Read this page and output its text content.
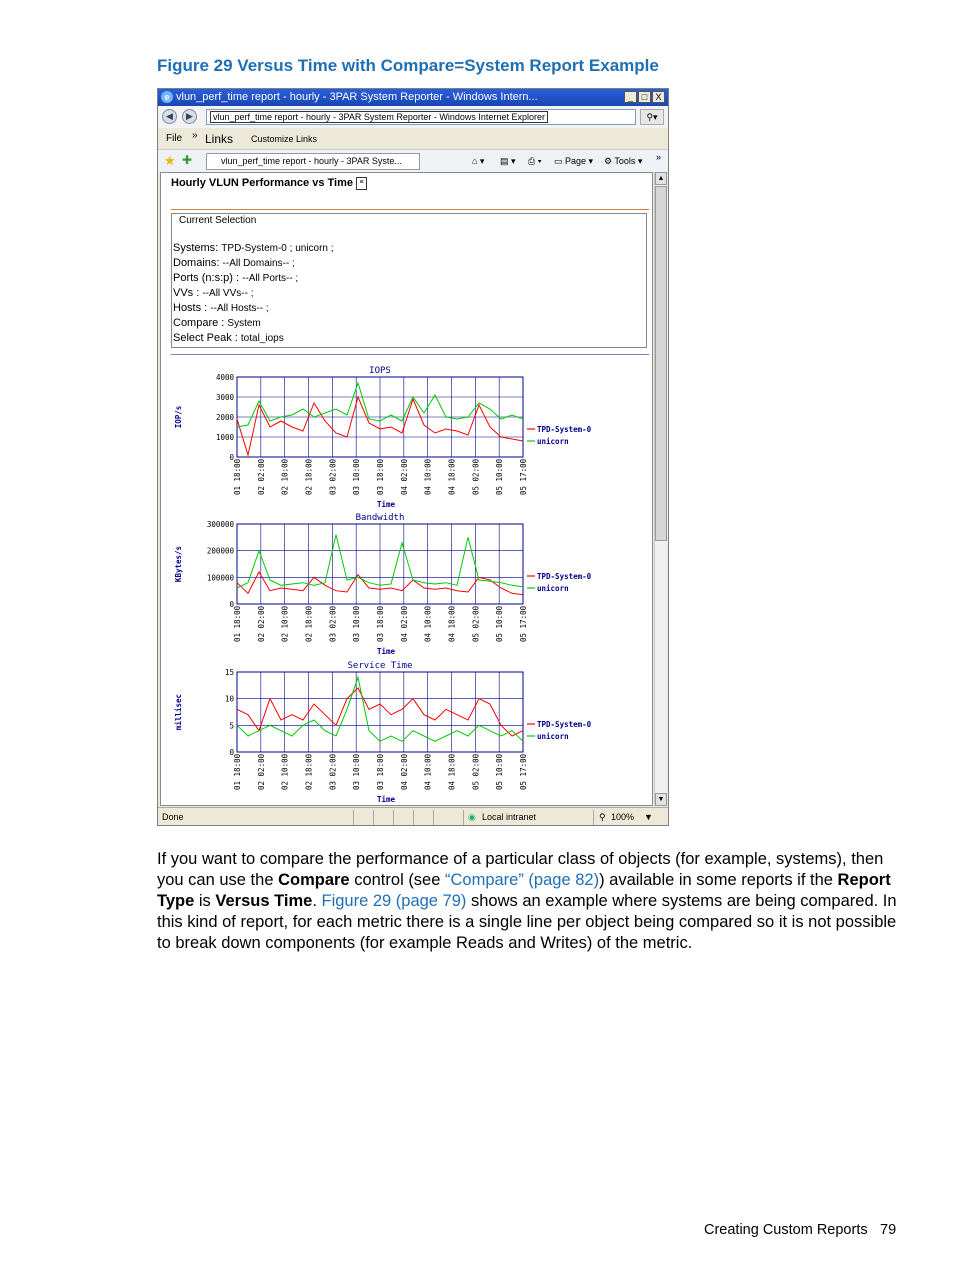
Figure 29 Versus Time with Compare=System Report Example
e vlun_perf_time report - hourly - 3PAR System Reporter - Windows Intern...	_ □ X
◀	▶	vlun_perf_time report - hourly - 3PAR System Reporter - Windows Internet Explorer	⚲▾
File » Links Customize Links
★ ✚	vlun_perf_time report - hourly - 3PAR Syste...	⌂ ▾ ▤ ▾ ⎙ ▾ ▭ Page ▾ ⚙ Tools ▾ »
Hourly VLUN Performance vs Time ≡
Current Selection
Systems: TPD-System-0 ; unicorn ;
Domains: --All Domains-- ;
Ports (n:s:p) : --All Ports-- ;
VVs : --All VVs-- ;
Hosts : --All Hosts-- ;
Compare : System
Select Peak : total_iops
IOPS
01 18:00 02 02:00 02 10:00 02 18:00 03 02:00 03 10:00 03 18:00 04 02:00 04 10:00 04 18:00 05 02:00 05 10:00 05 17:00
0
1000
2000
3000
4000
IOP/s
Time
TPD-System-0
unicorn
Bandwidth
01 18:00 02 02:00 02 10:00 02 18:00 03 02:00 03 10:00 03 18:00 04 02:00 04 10:00 04 18:00 05 02:00 05 10:00 05 17:00
0
100000
200000
300000
KBytes/s
Time
TPD-System-0
unicorn
Service Time
01 18:00 02 02:00 02 10:00 02 18:00 03 02:00 03 10:00 03 18:00 04 02:00 04 10:00 04 18:00 05 02:00 05 10:00 05 17:00
0
5
10
15
millisec
Time
TPD-System-0
unicorn
▲
▼
Done	◉ Local intranet	⚲ 100% ▼
If you want to compare the performance of a particular class of objects (for example, systems), then you can use the Compare control (see “Compare” (page 82)) available in some reports if the Report Type is Versus Time. Figure 29 (page 79) shows an example where systems are being compared. In this kind of report, for each metric there is a single line per object being compared so it is not possible to break down components (for example Reads and Writes) of the metric.
Creating Custom Reports 79
